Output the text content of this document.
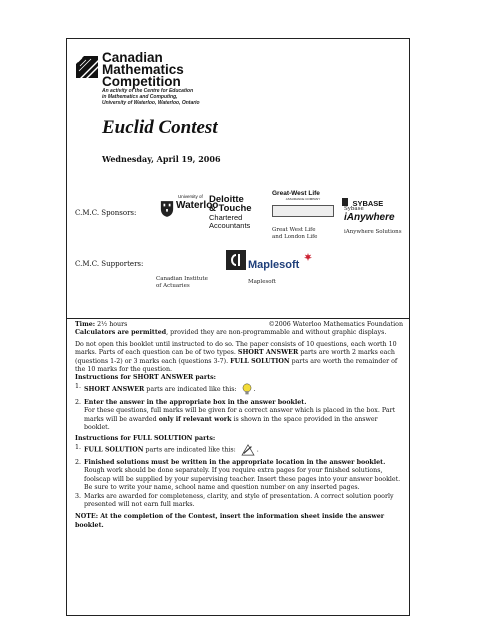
Canadian
Mathematics
Competition
An activity of the Centre for Education
in Mathematics and Computing,
University of Waterloo, Waterloo, Ontario
Euclid Contest
Wednesday, April 19, 2006
C.M.C. Sponsors:
University of
Waterloo
Deloitte
& Touche
Chartered
Accountants
Great-West Life
ASSURANCE COMPANY
Great West Life
and London Life
SYBASE
Sybase
iAnywhere
iAnywhere Solutions
C.M.C. Supporters:
Canadian Institute
of Actuaries
Maplesoft
Maplesoft
Time: 2½ hours	©2006 Waterloo Mathematics Foundation
Calculators are permitted, provided they are non-programmable and without graphic displays.
Do not open this booklet until instructed to do so. The paper consists of 10 questions, each worth 10 marks. Parts of each question can be of two types. SHORT ANSWER parts are worth 2 marks each (questions 1-2) or 3 marks each (questions 3-7). FULL SOLUTION parts are worth the remainder of the 10 marks for the question.
Instructions for SHORT ANSWER parts:
1. SHORT ANSWER parts are indicated like this:  .
2. Enter the answer in the appropriate box in the answer booklet.
For these questions, full marks will be given for a correct answer which is placed in the box. Part marks will be awarded only if relevant work is shown in the space provided in the answer booklet.
Instructions for FULL SOLUTION parts:
1. FULL SOLUTION parts are indicated like this:	.
2. Finished solutions must be written in the appropriate location in the answer booklet. Rough work should be done separately. If you require extra pages for your finished solutions, foolscap will be supplied by your supervising teacher. Insert these pages into your answer booklet. Be sure to write your name, school name and question number on any inserted pages.
3. Marks are awarded for completeness, clarity, and style of presentation. A correct solution poorly presented will not earn full marks.
NOTE: At the completion of the Contest, insert the information sheet inside the answer booklet.
